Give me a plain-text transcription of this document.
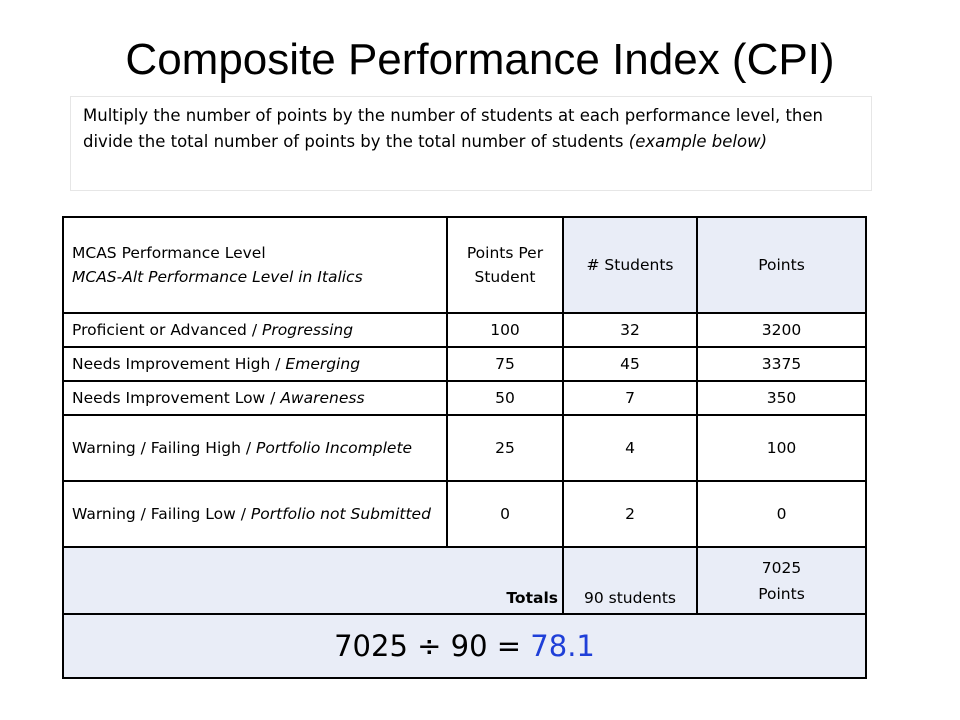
Composite Performance Index (CPI)
Multiply the number of points by the number of students at each performance level, then divide the total number of points by the total number of students (example below)
MCAS Performance Level
MCAS-Alt Performance Level in Italics	Points Per Student	# Students	Points
Proficient or Advanced / Progressing	100	32	3200
Needs Improvement High / Emerging	75	45	3375
Needs Improvement Low / Awareness	50	7	350
Warning / Failing High / Portfolio Incomplete	25	4	100
Warning / Failing Low / Portfolio not Submitted	0	2	0
Totals		90 students	7025
Points

7025 ÷ 90 = 78.1			
